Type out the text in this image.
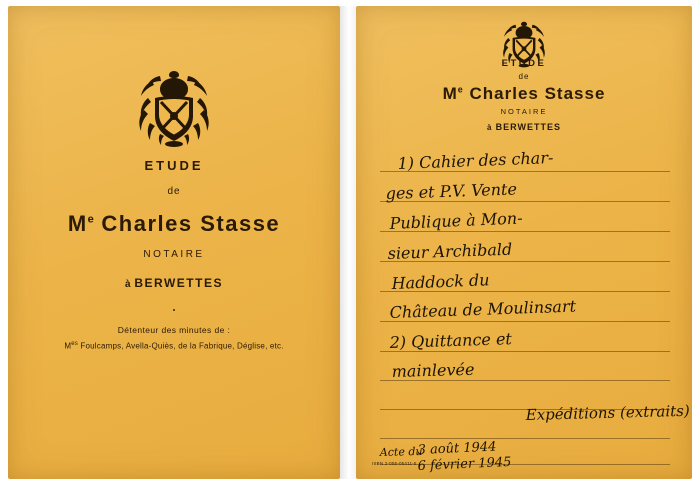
ETUDE
de
Me Charles Stasse
NOTAIRE
à BERWETTES
Détenteur des minutes de :
$M^{es}$ Foulcamps, Avella-Quiès, de la Fabrique, Déglise, etc.
ETUDE
de
Me Charles Stasse
NOTAIRE
à BERWETTES
1) Cahier des char-
ges et P.V. Vente
Publique à Mon-
sieur Archibald
Haddock du
Château de Moulinsart
2) Quittance et
mainlevée
Expéditions (extraits)
Acte du
3 août 1944
6 février 1945
ISBN 2-055-05411-5
